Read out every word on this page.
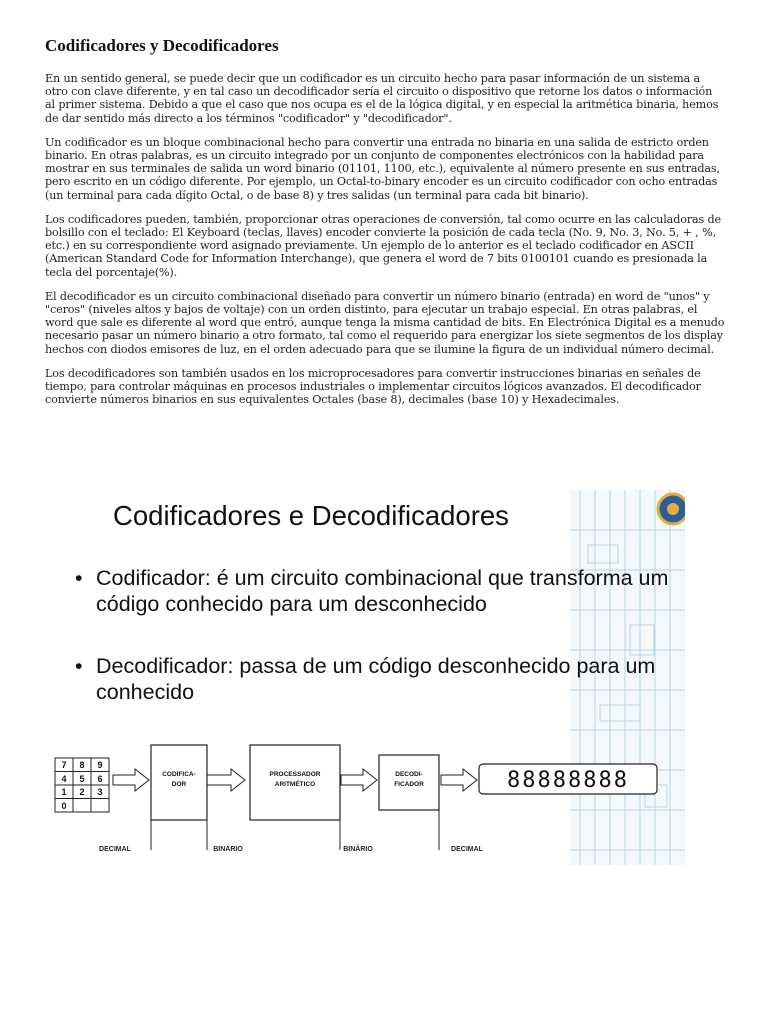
Codificadores y Decodificadores

En un sentido general, se puede decir que un codificador es un circuito hecho para pasar información de un sistema a otro con clave diferente, y en tal caso un decodificador sería el circuito o dispositivo que retorne los datos o información al primer sistema. Debido a que el caso que nos ocupa es el de la lógica digital, y en especial la aritmética binaria, hemos de dar sentido más directo a los términos "codificador" y "decodificador".

Un codificador es un bloque combinacional hecho para convertir una entrada no binaria en una salida de estricto orden binario. En otras palabras, es un circuito integrado por un conjunto de componentes electrónicos con la habilidad para mostrar en sus terminales de salida un word binario (01101, 1100, etc.), equivalente al número presente en sus entradas, pero escrito en un código diferente. Por ejemplo, un Octal-to-binary encoder es un circuito codificador con ocho entradas (un terminal para cada dígito Octal, o de base 8) y tres salidas (un terminal para cada bit binario).

Los codificadores pueden, también, proporcionar otras operaciones de conversión, tal como ocurre en las calculadoras de bolsillo con el teclado: El Keyboard (teclas, llaves) encoder convierte la posición de cada tecla (No. 9, No. 3, No. 5, + , %, etc.) en su correspondiente word asignado previamente. Un ejemplo de lo anterior es el teclado codificador en ASCII (American Standard Code for Information Interchange), que genera el word de 7 bits 0100101 cuando es presionada la tecla del porcentaje(%).

El decodificador es un circuito combinacional diseñado para convertir un número binario (entrada) en word de "unos" y "ceros" (niveles altos y bajos de voltaje) con un orden distinto, para ejecutar un trabajo especial. En otras palabras, el word que sale es diferente al word que entró, aunque tenga la misma cantidad de bits. En Electrónica Digital es a menudo necesario pasar un número binario a otro formato, tal como el requerido para energizar los siete segmentos de los display hechos con diodos emisores de luz, en el orden adecuado para que se ilumine la figura de un individual número decimal.

Los decodificadores son también usados en los microprocesadores para convertir instrucciones binarias en señales de tiempo, para controlar máquinas en procesos industriales o implementar circuitos lógicos avanzados. El decodificador convierte números binarios en sus equivalentes Octales (base 8), decimales (base 10) y Hexadecimales.

Codificadores e Decodificadores
• Codificador: é um circuito combinacional que transforma um código conhecido para um desconhecido
• Decodificador: passa de um código desconhecido para um conhecido
7 8 9
4 5 6
1 2 3
0
CODIFICA-
DOR
PROCESSADOR
ARITMÉTICO
DECODI-
FICADOR	88888888
DECIMAL	BINÁRIO	BINÁRIO	DECIMAL
